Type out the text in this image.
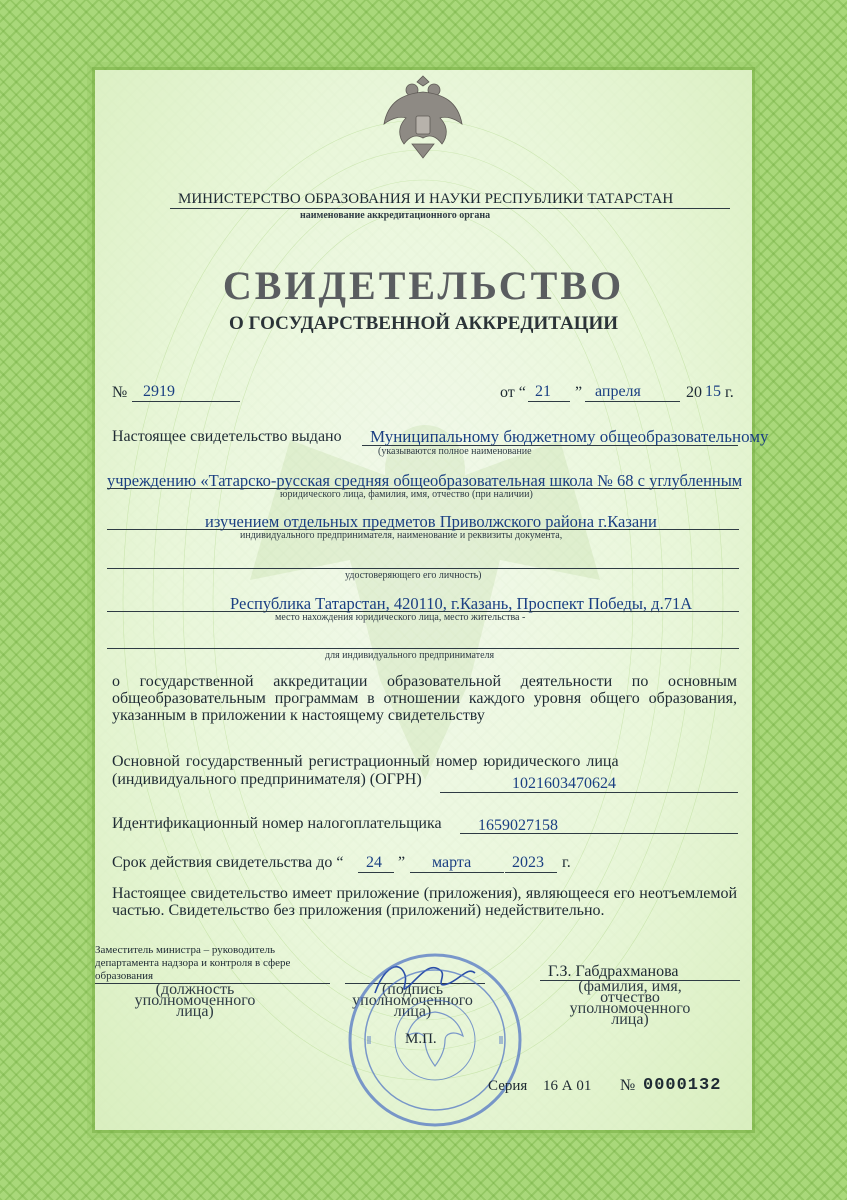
МИНИСТЕРСТВО ОБРАЗОВАНИЯ И НАУКИ РЕСПУБЛИКИ ТАТАРСТАН
наименование аккредитационного органа
СВИДЕТЕЛЬСТВО
О ГОСУДАРСТВЕННОЙ АККРЕДИТАЦИИ
№ 2919	от “ 21 ” апреля	20 15 г.
Настоящее свидетельство выдано Муниципальному бюджетному общеобразовательному
(указываются полное наименование
учреждению «Татарско-русская средняя общеобразовательная школа № 68 с углубленным
юридического лица, фамилия, имя, отчество (при наличии)
изучением отдельных предметов Приволжского района г.Казани
индивидуального предпринимателя, наименование и реквизиты документа,
удостоверяющего его личность)
Республика Татарстан, 420110, г.Казань, Проспект Победы, д.71А
место нахождения юридического лица, место жительства -
для индивидуального предпринимателя
о государственной аккредитации образовательной деятельности по основным общеобразовательным программам в отношении каждого уровня общего образования, указанным в приложении к настоящему свидетельству
Основной государственный регистрационный номер юридического лица
(индивидуального предпринимателя) (ОГРН)	1021603470624
Идентификационный номер налогоплательщика 1659027158
Срок действия свидетельства до “ 24 ” марта	2023 г.
Настоящее свидетельство имеет приложение (приложения), являющееся его неотъемлемой частью. Свидетельство без приложения (приложений) недействительно.
Заместитель министра – руководитель департамента надзора и контроля в сфере образования
(должность уполномоченного лица)
(подпись уполномоченного лица)
Г.З. Габдрахманова
(фамилия, имя, отчество уполномоченного лица)
М.П.
Серия 16 А 01 № 0000132
